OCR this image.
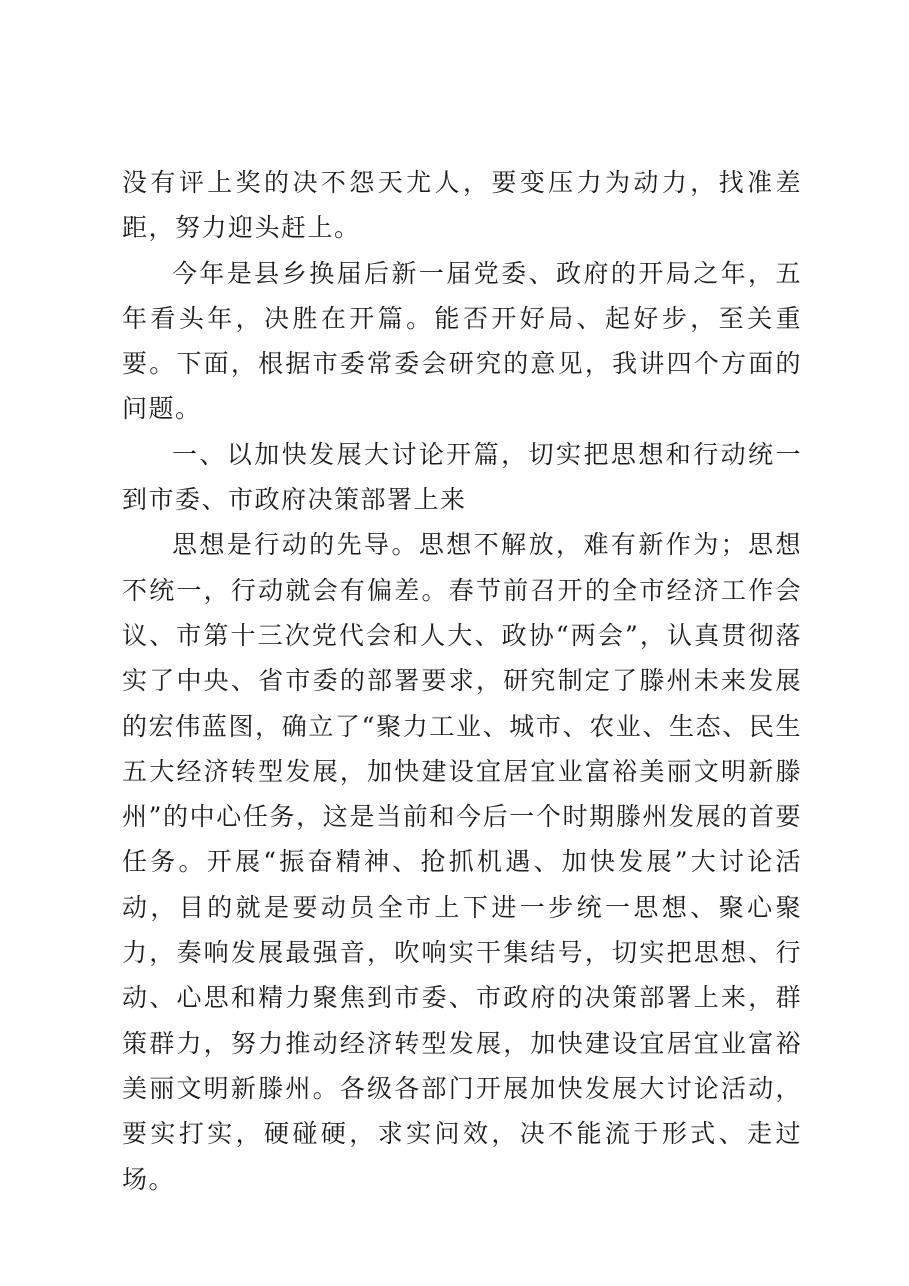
没有评上奖的决不怨天尤人，要变压力为动力，找准差距，努力迎头赶上。

今年是县乡换届后新一届党委、政府的开局之年，五年看头年，决胜在开篇。能否开好局、起好步，至关重要。下面，根据市委常委会研究的意见，我讲四个方面的问题。

一、以加快发展大讨论开篇，切实把思想和行动统一到市委、市政府决策部署上来

思想是行动的先导。思想不解放，难有新作为；思想不统一，行动就会有偏差。春节前召开的全市经济工作会议、市第十三次党代会和人大、政协“两会”，认真贯彻落实了中央、省市委的部署要求，研究制定了滕州未来发展的宏伟蓝图，确立了“聚力工业、城市、农业、生态、民生五大经济转型发展，加快建设宜居宜业富裕美丽文明新滕州”的中心任务，这是当前和今后一个时期滕州发展的首要任务。开展“振奋精神、抢抓机遇、加快发展”大讨论活动，目的就是要动员全市上下进一步统一思想、聚心聚力，奏响发展最强音，吹响实干集结号，切实把思想、行动、心思和精力聚焦到市委、市政府的决策部署上来，群策群力，努力推动经济转型发展，加快建设宜居宜业富裕美丽文明新滕州。各级各部门开展加快发展大讨论活动，要实打实，硬碰硬，求实问效，决不能流于形式、走过场。
